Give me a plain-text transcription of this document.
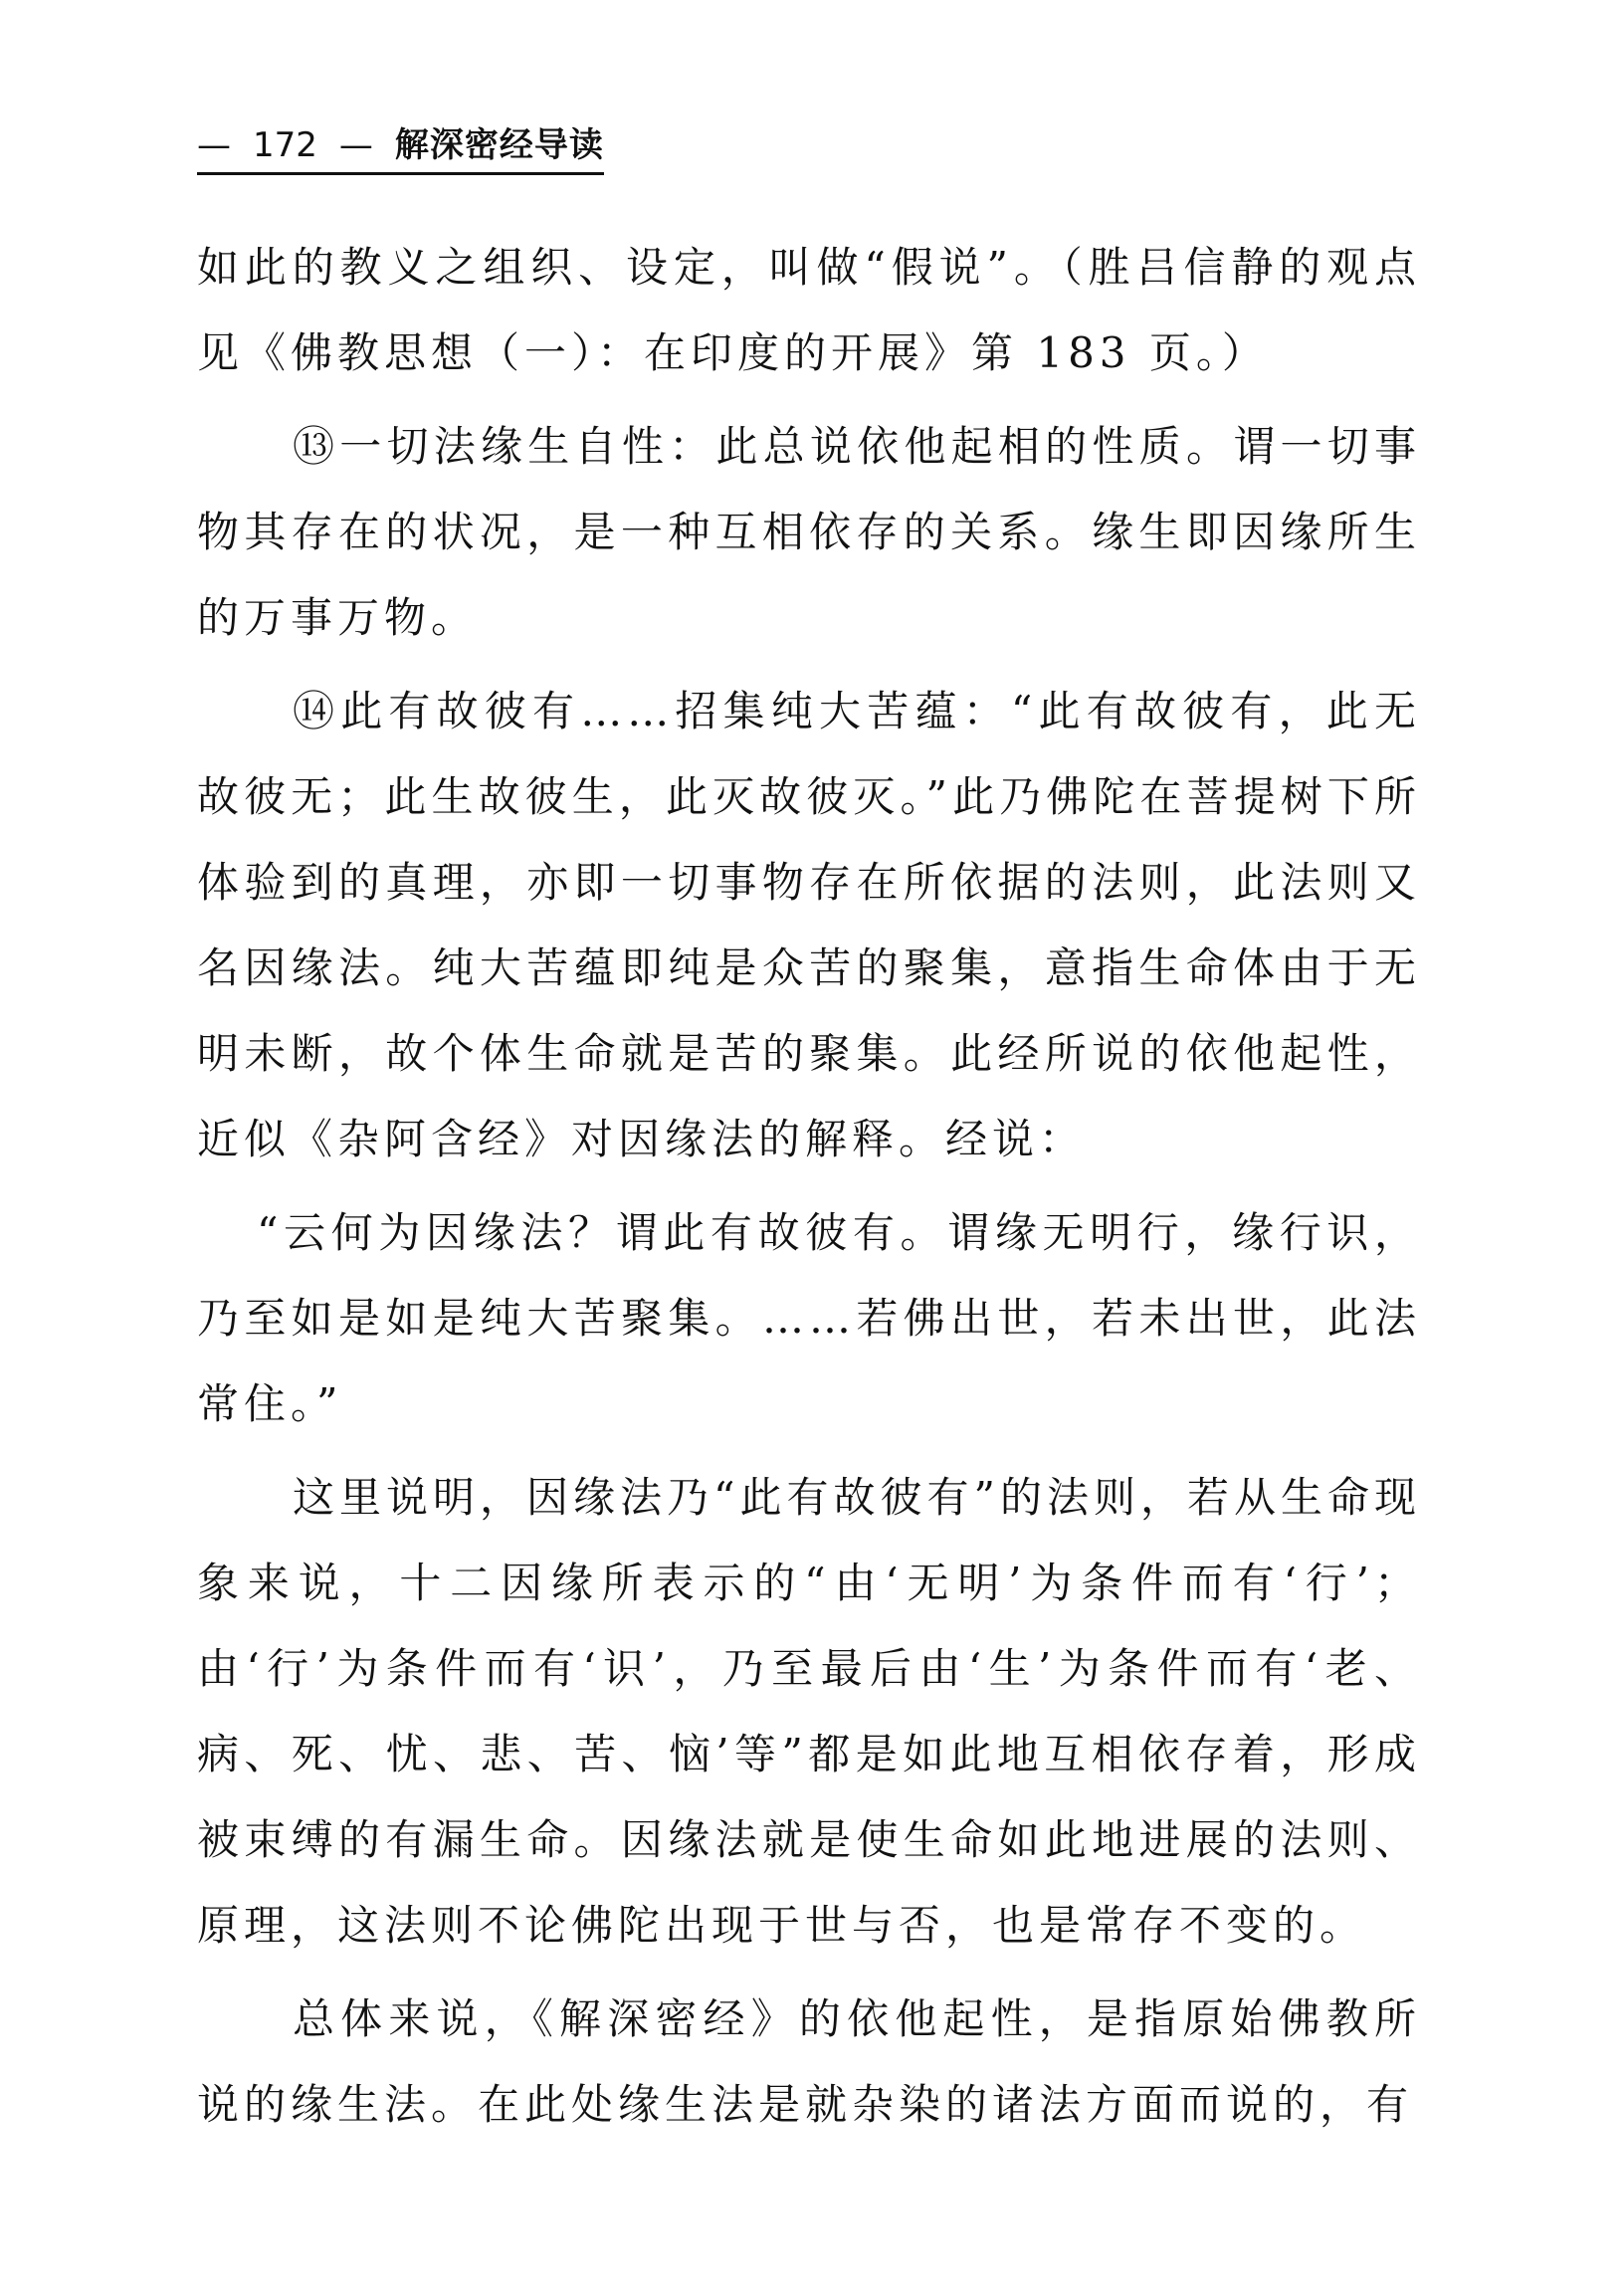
— 172 — 解深密经导读

如此的教义之组织、设定，叫做“假说”。（胜吕信静的观点见《佛教思想（一）：在印度的开展》第 183 页。）

⑬一切法缘生自性：此总说依他起相的性质。谓一切事物其存在的状况，是一种互相依存的关系。缘生即因缘所生的万事万物。

⑭此有故彼有……招集纯大苦蕴：“此有故彼有，此无故彼无；此生故彼生，此灭故彼灭。”此乃佛陀在菩提树下所体验到的真理，亦即一切事物存在所依据的法则，此法则又名因缘法。纯大苦蕴即纯是众苦的聚集，意指生命体由于无明未断，故个体生命就是苦的聚集。此经所说的依他起性，近似《杂阿含经》对因缘法的解释。经说：

“云何为因缘法？谓此有故彼有。谓缘无明行，缘行识，乃至如是如是纯大苦聚集。……若佛出世，若未出世，此法常住。”

这里说明，因缘法乃“此有故彼有”的法则，若从生命现象来说，十二因缘所表示的“由‘无明’为条件而有‘行’；由‘行’为条件而有‘识’，乃至最后由‘生’为条件而有‘老、病、死、忧、悲、苦、恼’等”都是如此地互相依存着，形成被束缚的有漏生命。因缘法就是使生命如此地进展的法则、原理，这法则不论佛陀出现于世与否，也是常存不变的。

总体来说，《解深密经》的依他起性，是指原始佛教所说的缘生法。在此处缘生法是就杂染的诸法方面而说的，有
